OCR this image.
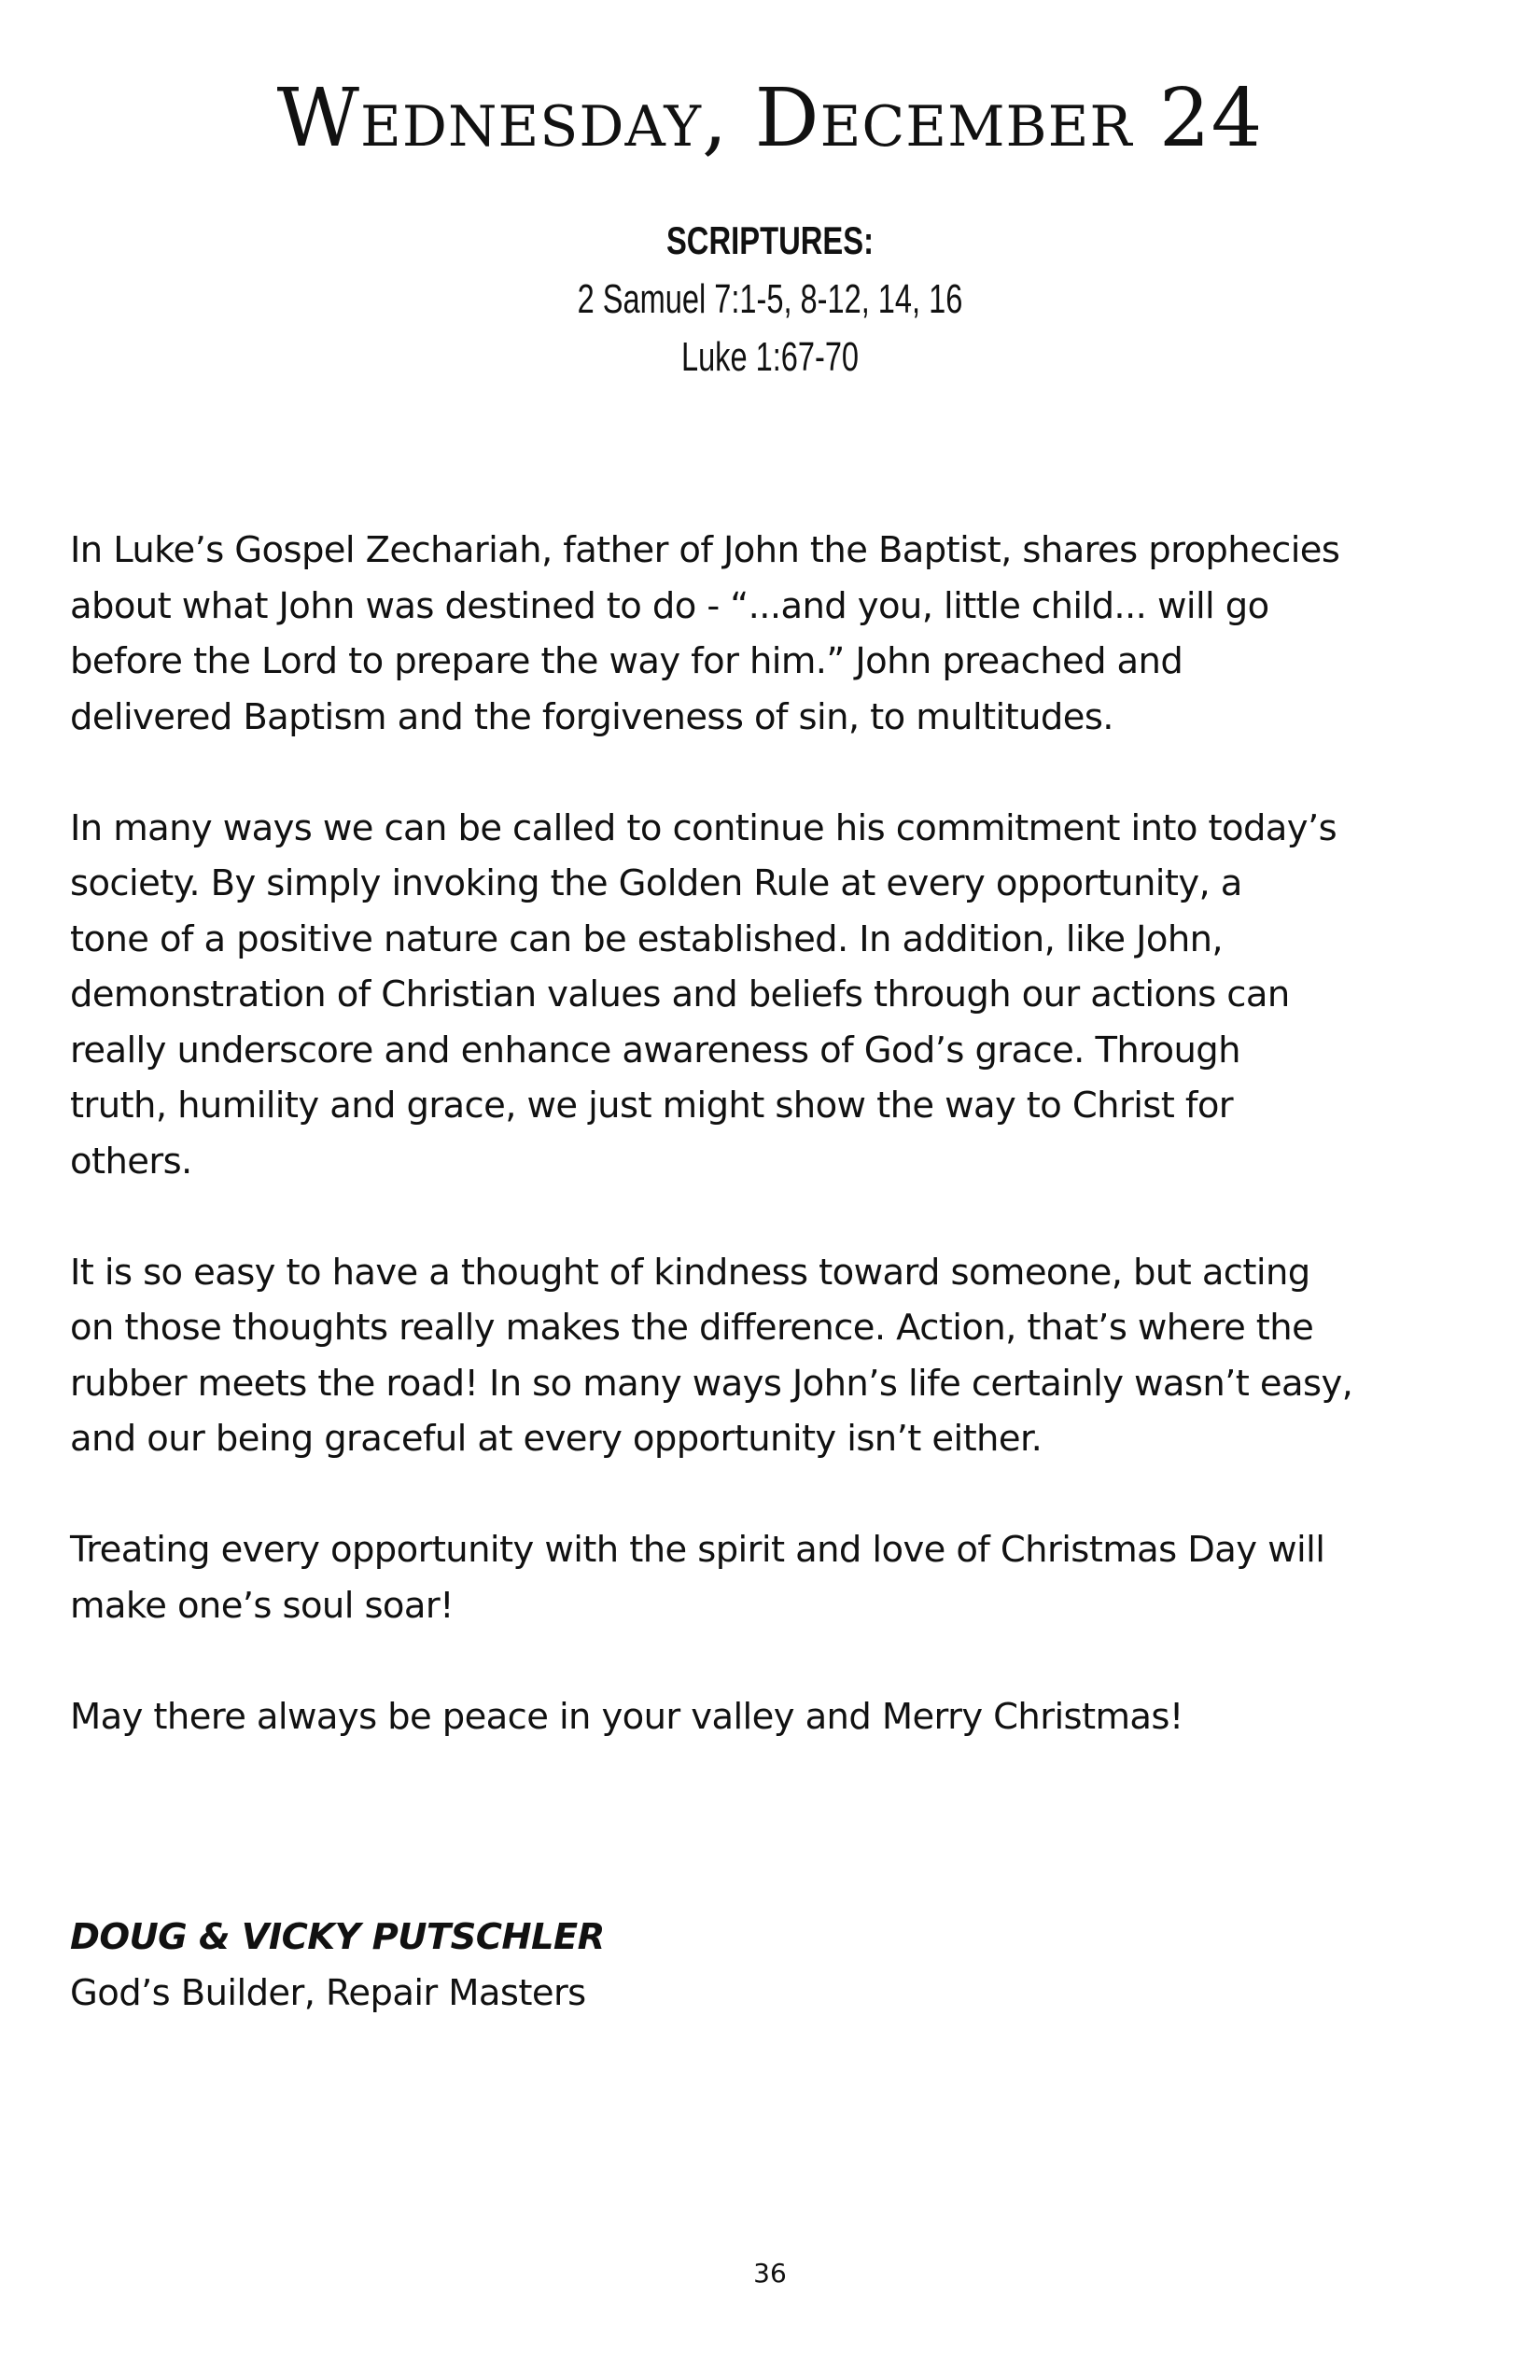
Wednesday, December 24
SCRIPTURES:
2 Samuel 7:1-5, 8-12, 14, 16
Luke 1:67-70

In Luke’s Gospel Zechariah, father of John the Baptist, shares prophecies
about what John was destined to do - “...and you, little child... will go
before the Lord to prepare the way for him.” John preached and
delivered Baptism and the forgiveness of sin, to multitudes.

In many ways we can be called to continue his commitment into today’s
society. By simply invoking the Golden Rule at every opportunity, a
tone of a positive nature can be established. In addition, like John,
demonstration of Christian values and beliefs through our actions can
really underscore and enhance awareness of God’s grace. Through
truth, humility and grace, we just might show the way to Christ for
others.

It is so easy to have a thought of kindness toward someone, but acting
on those thoughts really makes the difference. Action, that’s where the
rubber meets the road! In so many ways John’s life certainly wasn’t easy,
and our being graceful at every opportunity isn’t either.

Treating every opportunity with the spirit and love of Christmas Day will
make one’s soul soar!

May there always be peace in your valley and Merry Christmas!

DOUG & VICKY PUTSCHLER
God’s Builder, Repair Masters
36
